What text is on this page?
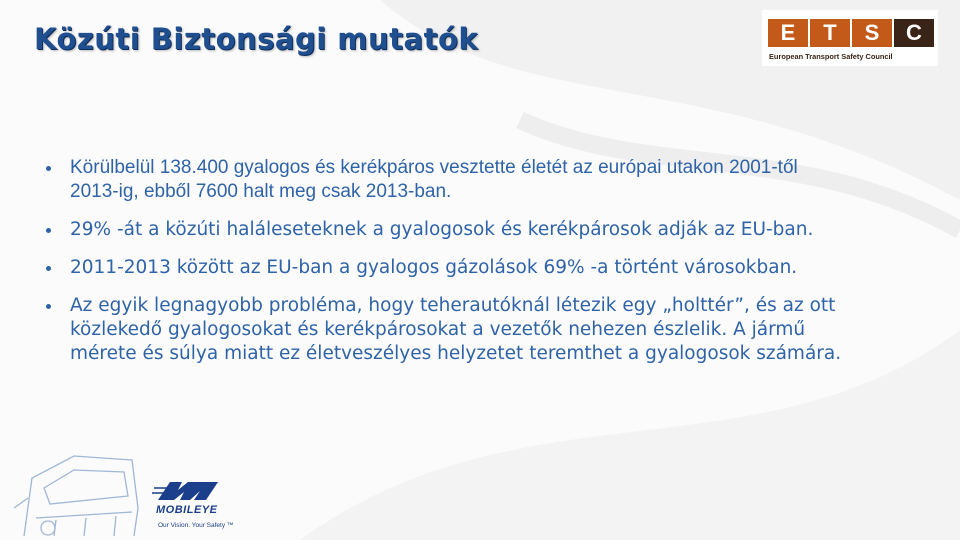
Közúti Biztonsági mutatók	E	T	S	C
European Transport Safety Council
Körülbelül 138.400 gyalogos és kerékpáros vesztette életét az európai utakon 2001-től
2013-ig, ebből 7600 halt meg csak 2013-ban.
29% -át a közúti haláleseteknek a gyalogosok és kerékpárosok adják az EU-ban.
2011-2013 között az EU-ban a gyalogos gázolások 69% -a történt városokban.
Az egyik legnagyobb probléma, hogy teherautóknál létezik egy „holttér”, és az ott
közlekedő gyalogosokat és kerékpárosokat a vezetők nehezen észlelik. A jármű
mérete és súlya miatt ez életveszélyes helyzetet teremthet a gyalogosok számára.
MOBILEYE
Our Vision. Your Safety ™
